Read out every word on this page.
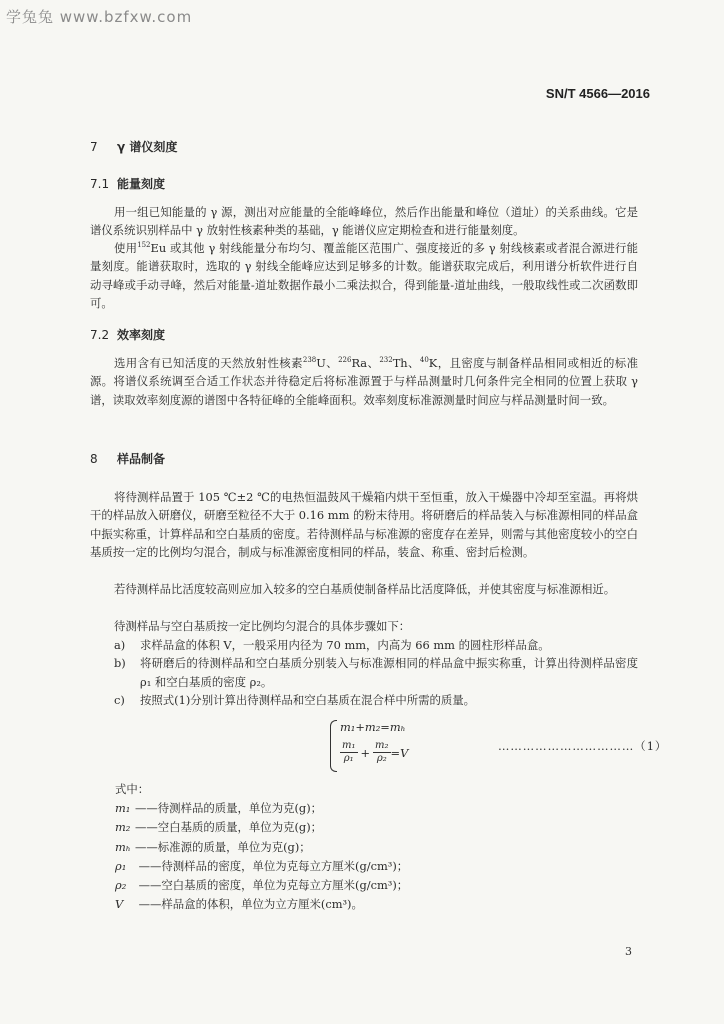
学兔兔 www.bzfxw.com
SN/T 4566—2016
7 γ 谱仪刻度
7.1 能量刻度

用一组已知能量的 γ 源，测出对应能量的全能峰峰位，然后作出能量和峰位（道址）的关系曲线。它是谱仪系统识别样品中 γ 放射性核素种类的基础，γ 能谱仪应定期检查和进行能量刻度。

使用$^{152}$Eu 或其他 γ 射线能量分布均匀、覆盖能区范围广、强度接近的多 γ 射线核素或者混合源进行能量刻度。能谱获取时，选取的 γ 射线全能峰应达到足够多的计数。能谱获取完成后，利用谱分析软件进行自动寻峰或手动寻峰，然后对能量-道址数据作最小二乘法拟合，得到能量-道址曲线，一般取线性或二次函数即可。

7.2 效率刻度

选用含有已知活度的天然放射性核素$^{238}$U、$^{226}$Ra、$^{232}$Th、$^{40}$K，且密度与制备样品相同或相近的标准源。将谱仪系统调至合适工作状态并待稳定后将标准源置于与样品测量时几何条件完全相同的位置上获取 γ 谱，读取效率刻度源的谱图中各特征峰的全能峰面积。效率刻度标准源测量时间应与样品测量时间一致。

8 样品制备

将待测样品置于 105 ℃±2 ℃的电热恒温鼓风干燥箱内烘干至恒重，放入干燥器中冷却至室温。再将烘干的样品放入研磨仪，研磨至粒径不大于 0.16 mm 的粉末待用。将研磨后的样品装入与标准源相同的样品盒中振实称重，计算样品和空白基质的密度。若待测样品与标准源的密度存在差异，则需与其他密度较小的空白基质按一定的比例均匀混合，制成与标准源密度相同的样品，装盒、称重、密封后检测。

若待测样品比活度较高则应加入较多的空白基质使制备样品比活度降低，并使其密度与标准源相近。

待测样品与空白基质按一定比例均匀混合的具体步骤如下：

a)	求样品盒的体积 V，一般采用内径为 70 mm，内高为 66 mm 的圆柱形样品盒。
b)	将研磨后的待测样品和空白基质分别装入与标准源相同的样品盒中振实称重，计算出待测样品密度 ρ₁ 和空白基质的密度 ρ₂。
c)	按照式(1)分别计算出待测样品和空白基质在混合样中所需的质量。
m₁+m₂=mₕ
$\frac{\text{m₁}}{\text{ρ₁}} + \frac{\text{m₂}}{\text{ρ₂}} =V$	……………………………（1）
式中：
m₁ ——待测样品的质量，单位为克(g)；
m₂ ——空白基质的质量，单位为克(g)；
mₕ ——标准源的质量，单位为克(g)；
ρ₁ ——待测样品的密度，单位为克每立方厘米(g/cm³)；
ρ₂ ——空白基质的密度，单位为克每立方厘米(g/cm³)；
V ——样品盒的体积，单位为立方厘米(cm³)。
3
